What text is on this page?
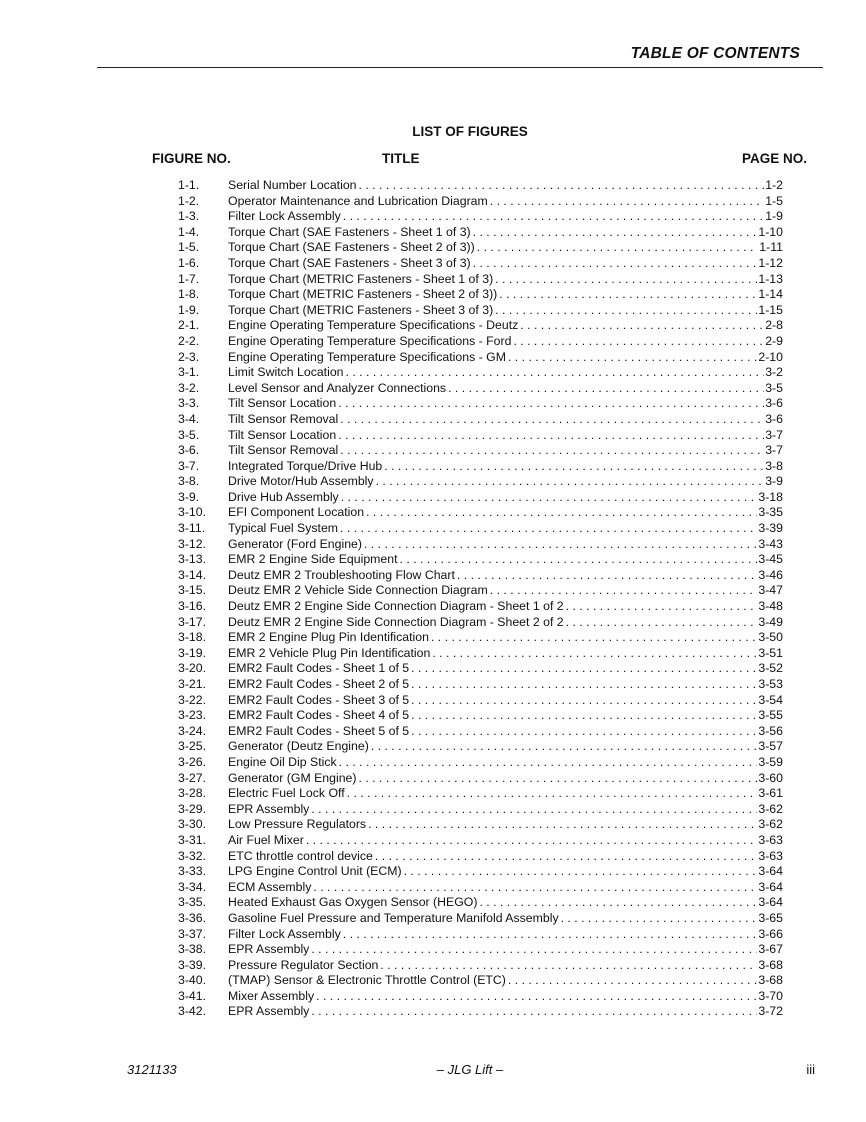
TABLE OF CONTENTS
LIST OF FIGURES
FIGURE NO.	TITLE	PAGE NO.
1-1.	Serial Number Location . . .	1-2
1-2.	Operator Maintenance and Lubrication Diagram . . .	1-5
1-3.	Filter Lock Assembly . . .	1-9
1-4.	Torque Chart (SAE Fasteners - Sheet 1 of 3) . . .	1-10
1-5.	Torque Chart (SAE Fasteners - Sheet 2 of 3)) . . .	1-11
1-6.	Torque Chart (SAE Fasteners - Sheet 3 of 3) . . .	1-12
1-7.	Torque Chart (METRIC Fasteners - Sheet 1 of 3) . . .	1-13
1-8.	Torque Chart (METRIC Fasteners - Sheet 2 of 3)) . . .	1-14
1-9.	Torque Chart (METRIC Fasteners - Sheet 3 of 3) . . .	1-15
2-1.	Engine Operating Temperature Specifications - Deutz . . .	2-8
2-2.	Engine Operating Temperature Specifications - Ford . . .	2-9
2-3.	Engine Operating Temperature Specifications - GM . . .	2-10
3-1.	Limit Switch Location . . .	3-2
3-2.	Level Sensor and Analyzer Connections . . .	3-5
3-3.	Tilt Sensor Location . . .	3-6
3-4.	Tilt Sensor Removal . . .	3-6
3-5.	Tilt Sensor Location . . .	3-7
3-6.	Tilt Sensor Removal . . .	3-7
3-7.	Integrated Torque/Drive Hub . . .	3-8
3-8.	Drive Motor/Hub Assembly . . .	3-9
3-9.	Drive Hub Assembly . . .	3-18
3-10.	EFI Component Location . . .	3-35
3-11.	Typical Fuel System . . .	3-39
3-12.	Generator (Ford Engine) . . .	3-43
3-13.	EMR 2 Engine Side Equipment . . .	3-45
3-14.	Deutz EMR 2 Troubleshooting Flow Chart . . .	3-46
3-15.	Deutz EMR 2 Vehicle Side Connection Diagram . . .	3-47
3-16.	Deutz EMR 2 Engine Side Connection Diagram - Sheet 1 of 2 . . .	3-48
3-17.	Deutz EMR 2 Engine Side Connection Diagram - Sheet 2 of 2 . . .	3-49
3-18.	EMR 2 Engine Plug Pin Identification . . .	3-50
3-19.	EMR 2 Vehicle Plug Pin Identification . . .	3-51
3-20.	EMR2 Fault Codes - Sheet 1 of 5 . . .	3-52
3-21.	EMR2 Fault Codes - Sheet 2 of 5 . . .	3-53
3-22.	EMR2 Fault Codes - Sheet 3 of 5 . . .	3-54
3-23.	EMR2 Fault Codes - Sheet 4 of 5 . . .	3-55
3-24.	EMR2 Fault Codes - Sheet 5 of 5 . . .	3-56
3-25.	Generator (Deutz Engine) . . .	3-57
3-26.	Engine Oil Dip Stick . . .	3-59
3-27.	Generator (GM Engine) . . .	3-60
3-28.	Electric Fuel Lock Off . . .	3-61
3-29.	EPR Assembly . . .	3-62
3-30.	Low Pressure Regulators . . .	3-62
3-31.	Air Fuel Mixer . . .	3-63
3-32.	ETC throttle control device . . .	3-63
3-33.	LPG Engine Control Unit (ECM) . . .	3-64
3-34.	ECM Assembly . . .	3-64
3-35.	Heated Exhaust Gas Oxygen Sensor (HEGO) . . .	3-64
3-36.	Gasoline Fuel Pressure and Temperature Manifold Assembly . . .	3-65
3-37.	Filter Lock Assembly . . .	3-66
3-38.	EPR Assembly . . .	3-67
3-39.	Pressure Regulator Section . . .	3-68
3-40.	(TMAP) Sensor & Electronic Throttle Control (ETC) . . .	3-68
3-41.	Mixer Assembly . . .	3-70
3-42.	EPR Assembly . . .	3-72
3121133	– JLG Lift –	iii
